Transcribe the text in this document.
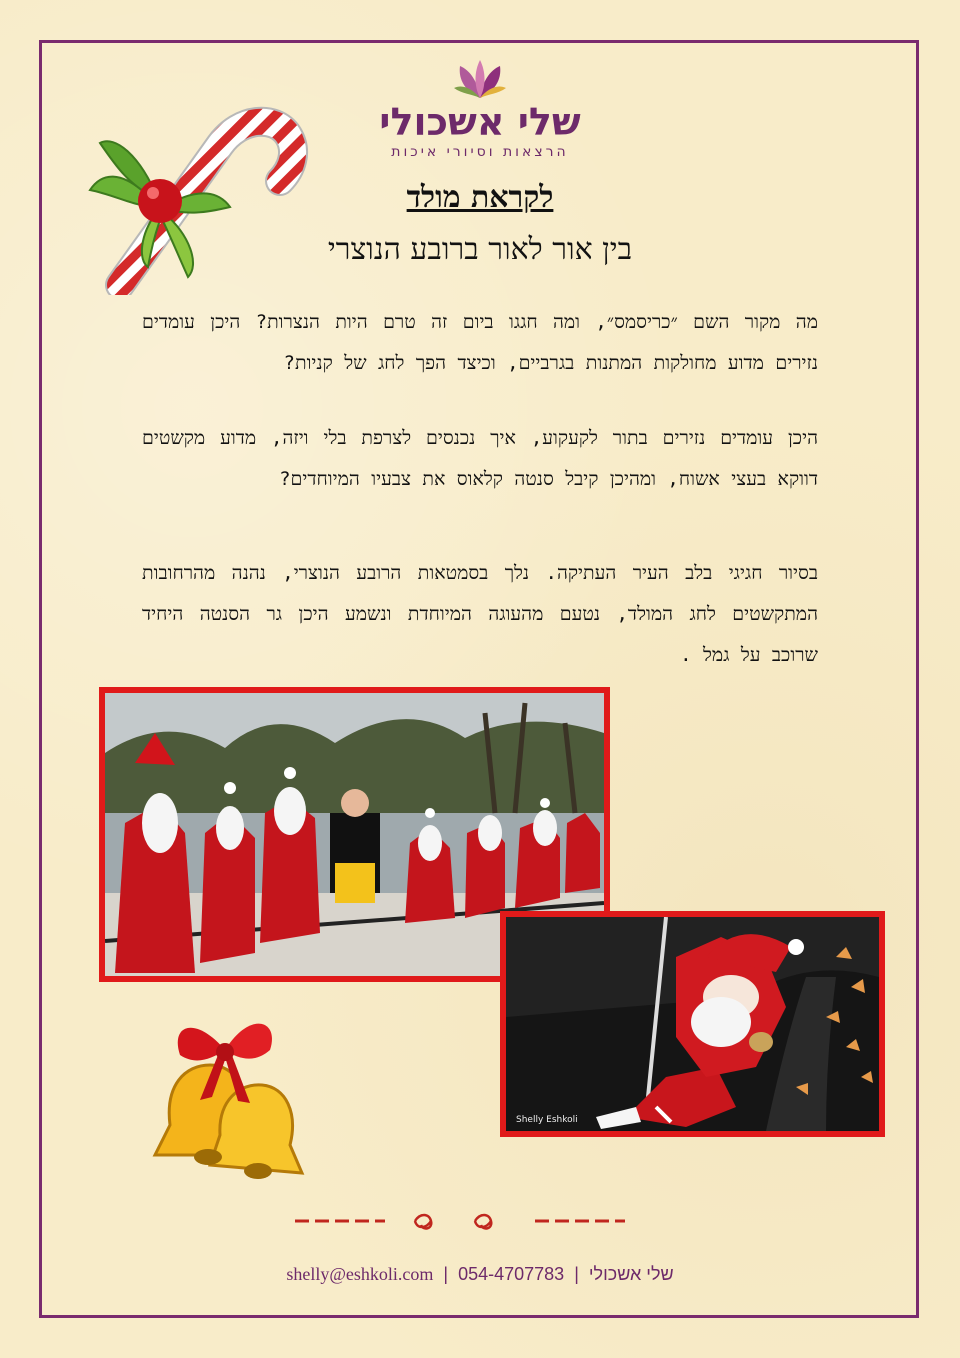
שלי אשכולי
הרצאות וסיורי איכות
לקראת מולד
בין אור לאור ברובע הנוצרי
מה מקור השם ״כריסמס״, ומה חגגו ביום זה טרם היות הנצרות? היכן עומדים נזירים מדוע מחולקות המתנות בגרביים, וכיצד הפך לחג של קניות?
היכן עומדים נזירים בתור לקעקוע, איך נכנסים לצרפת בלי ויזה, מדוע מקשטים דווקא בעצי אשוח, ומהיכן קיבל סנטה קלאוס את צבעיו המיוחדים?
בסיור חגיגי בלב העיר העתיקה. נלך בסמטאות הרובע הנוצרי, נהנה מהרחובות המתקשטים לחג המולד, נטעם מהעוגה המיוחדת ונשמע היכן גר הסנטה היחיד שרוכב על גמל .
Shelly Eshkoli
shelly@eshkoli.com  |  054-4707783  |  שלי אשכולי
